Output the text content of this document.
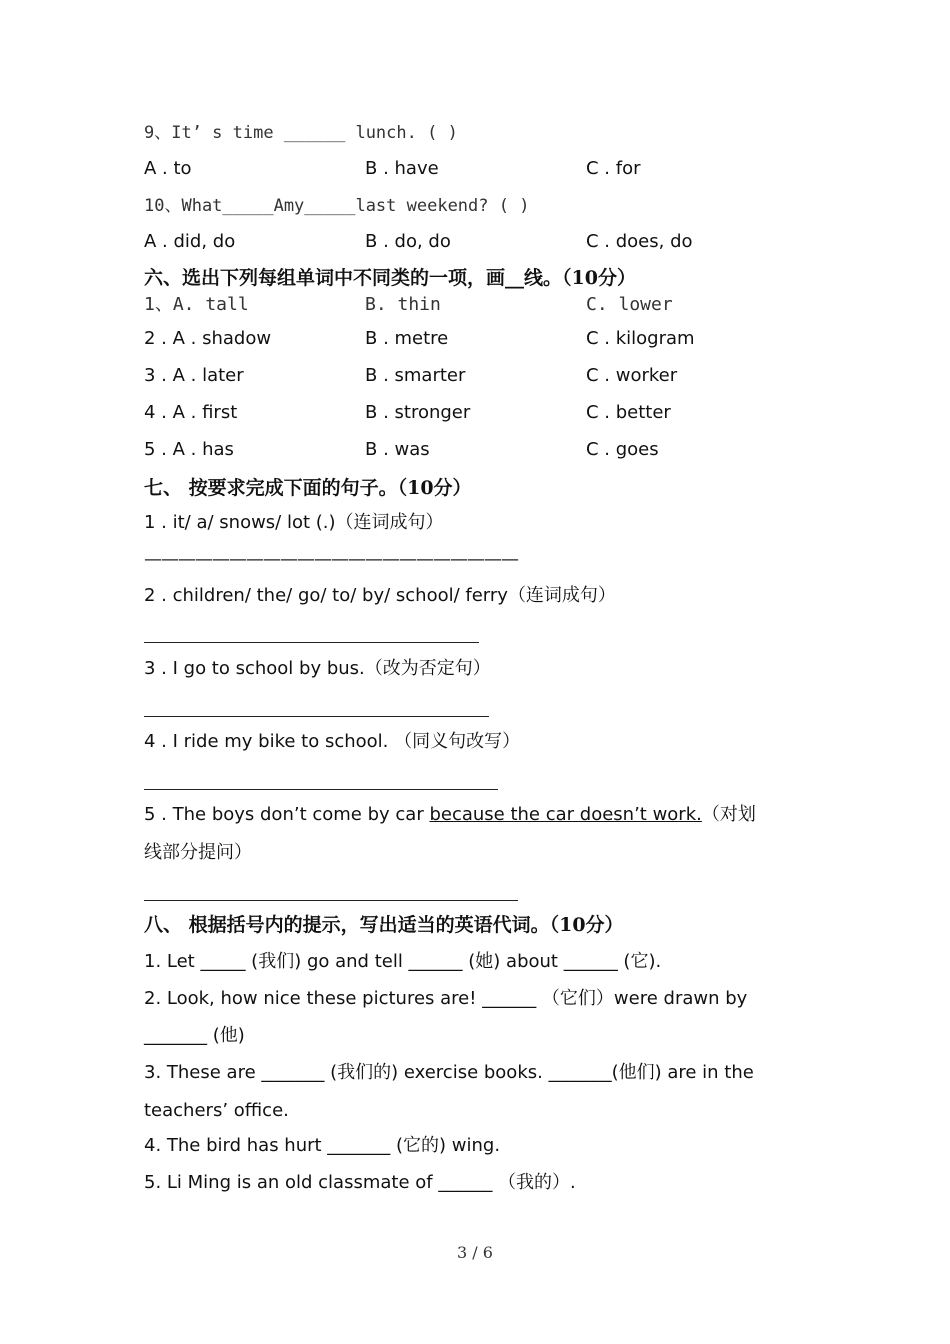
9、It’ s time ______ lunch. ( )
A . to	B . have	C . for
10、What_____Amy_____last weekend? ( )
A . did, do	B . do, do	C . does, do
六、选出下列每组单词中不同类的一项，画__线。（10分）
1、A. tall	B. thin	C. lower
2 . A . shadow	B . metre	C . kilogram
3 . A . later	B . smarter	C . worker
4 . A . first	B . stronger	C . better
5 . A . has	B . was	C . goes
七、 按要求完成下面的句子。（10分）
1 . it/ a/ snows/ lot (.)（连词成句）
——————————————————————
2 . children/ the/ go/ to/ by/ school/ ferry（连词成句）
3 . I go to school by bus.（改为否定句）
4 . I ride my bike to school. （同义句改写）
5 . The boys don’t come by car because the car doesn’t work.（对划
线部分提问）
八、 根据括号内的提示，写出适当的英语代词。（10分）
1. Let _____ (我们) go and tell ______ (她) about ______ (它).
2. Look, how nice these pictures are! ______ （它们）were drawn by
_______ (他)
3. These are _______ (我们的) exercise books. _______(他们) are in the
teachers’ office.
4. The bird has hurt _______ (它的) wing.
5. Li Ming is an old classmate of ______ （我的）.
3 / 6
